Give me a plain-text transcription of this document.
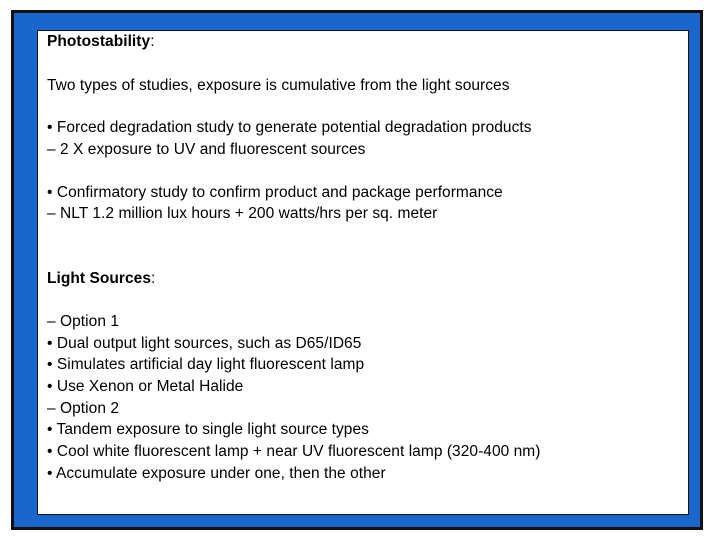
Photostability:
Two types of studies, exposure is cumulative from the light sources
• Forced degradation study to generate potential degradation products
– 2 X exposure to UV and fluorescent sources
• Confirmatory study to confirm product and package performance
– NLT 1.2 million lux hours + 200 watts/hrs per sq. meter
Light Sources:
– Option 1
• Dual output light sources, such as D65/ID65
• Simulates artificial day light fluorescent lamp
• Use Xenon or Metal Halide
– Option 2
• Tandem exposure to single light source types
• Cool white fluorescent lamp + near UV fluorescent lamp (320-400 nm)
• Accumulate exposure under one, then the other
